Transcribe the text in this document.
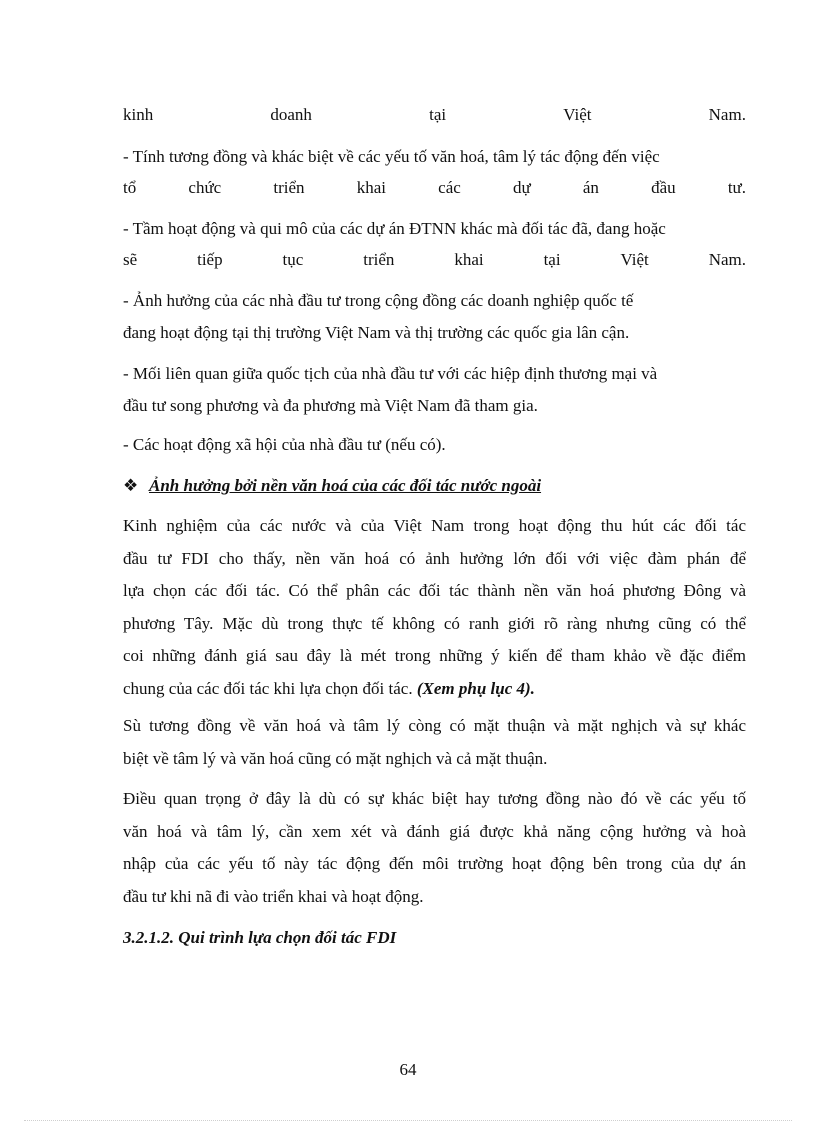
kinh	doanh	tại	Việt	Nam.
- Tính tương đồng và khác biệt về các yếu tố văn hoá, tâm lý tác động đến việc
tổ	chức	triển	khai	các	dự	án	đầu	tư.
- Tầm hoạt động và qui mô của các dự án ĐTNN khác mà đối tác đã, đang hoặc
sẽ	tiếp	tục	triển	khai	tại	Việt	Nam.
- Ảnh hưởng của các nhà đầu tư trong cộng đồng các doanh nghiệp quốc tế
đang hoạt động tại thị trường Việt Nam và thị trường các quốc gia lân cận.
- Mối liên quan giữa quốc tịch của nhà đầu tư với các hiệp định thương mại và
đầu tư song phương và đa phương mà Việt Nam đã tham gia.
- Các hoạt động xã hội của nhà đầu tư (nếu có).
❖ Ảnh hưởng bởi nền văn hoá của các đối tác nước ngoài
Kinh nghiệm của các nước và của Việt Nam trong hoạt động thu hút các đối tác
đầu tư FDI cho thấy, nền văn hoá có ảnh hưởng lớn đối với việc đàm phán để
lựa chọn các đối tác. Có thể phân các đối tác thành nền văn hoá phương Đông và
phương Tây. Mặc dù trong thực tế không có ranh giới rõ ràng nhưng cũng có thể
coi những đánh giá sau đây là mét trong những ý kiến để tham khảo về đặc điểm
chung của các đối tác khi lựa chọn đối tác. (Xem phụ lục 4).
Sù tương đồng về văn hoá và tâm lý còng có mặt thuận và mặt nghịch và sự khác
biệt về tâm lý và văn hoá cũng có mặt nghịch và cả mặt thuận.
Điều quan trọng ở đây là dù có sự khác biệt hay tương đồng nào đó về các yếu tố
văn hoá và tâm lý, cần xem xét và đánh giá được khả năng cộng hưởng và hoà
nhập của các yếu tố này tác động đến môi trường hoạt động bên trong của dự án
đầu tư khi nã đi vào triển khai và hoạt động.
3.2.1.2. Qui trình lựa chọn đối tác FDI
64
